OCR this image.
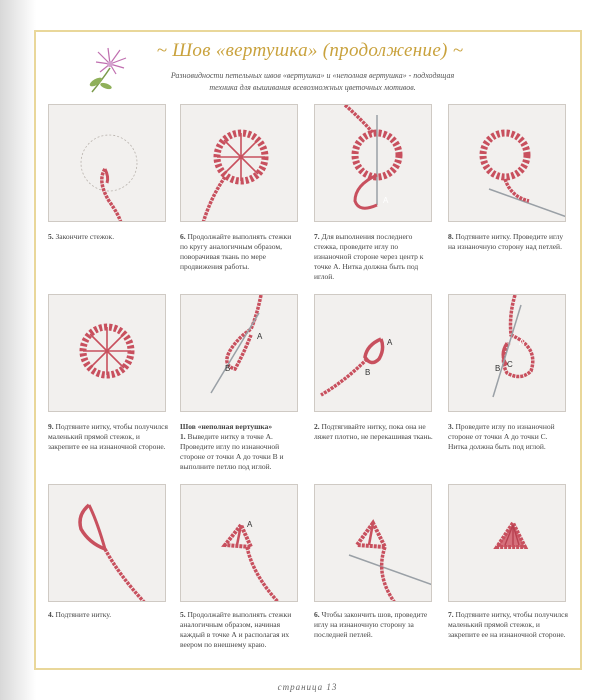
~ Шов «вертушка» (продолжение) ~
Разновидности петельных швов «вертушка» и «неполная вертушка» - подходящая техника для вышивания всевозможных цветочных мотивов.
A
5. Закончите стежок.	6. Продолжайте выполнять стежки по кругу аналогичным образом, поворачивая ткань по мере продвижения работы.
7. Для выполнения последнего стежка, проведите иглу по изнаночной стороне через центр к точке А. Нитка должна быть под иглой.
8. Подтяните нитку. Проведите иглу на изнаночную сторону над петлей.
A
B
A
B
A
B C
9. Подтяните нитку, чтобы получился маленький прямой стежок, и закрепите ее на изнаночной стороне.
Шов «неполная вертушка»
1. Выведите нитку в точке А. Проведите иглу по изнаночной стороне от точки А до точки В и выполните петлю под иглой.
2. Подтягивайте нитку, пока она не ляжет плотно, не перекашивая ткань.
3. Проведите иглу по изнаночной стороне от точки А до точки С. Нитка должна быть под иглой.
A
4. Подтяните нитку.	5. Продолжайте выполнять стежки аналогичным образом, начиная каждый в точке А и располагая их веером по внешнему краю.
6. Чтобы закончить шов, проведите иглу на изнаночную сторону за последней петлей.
7. Подтяните нитку, чтобы получился маленький прямой стежок, и закрепите ее на изнаночной стороне.
страница 13
